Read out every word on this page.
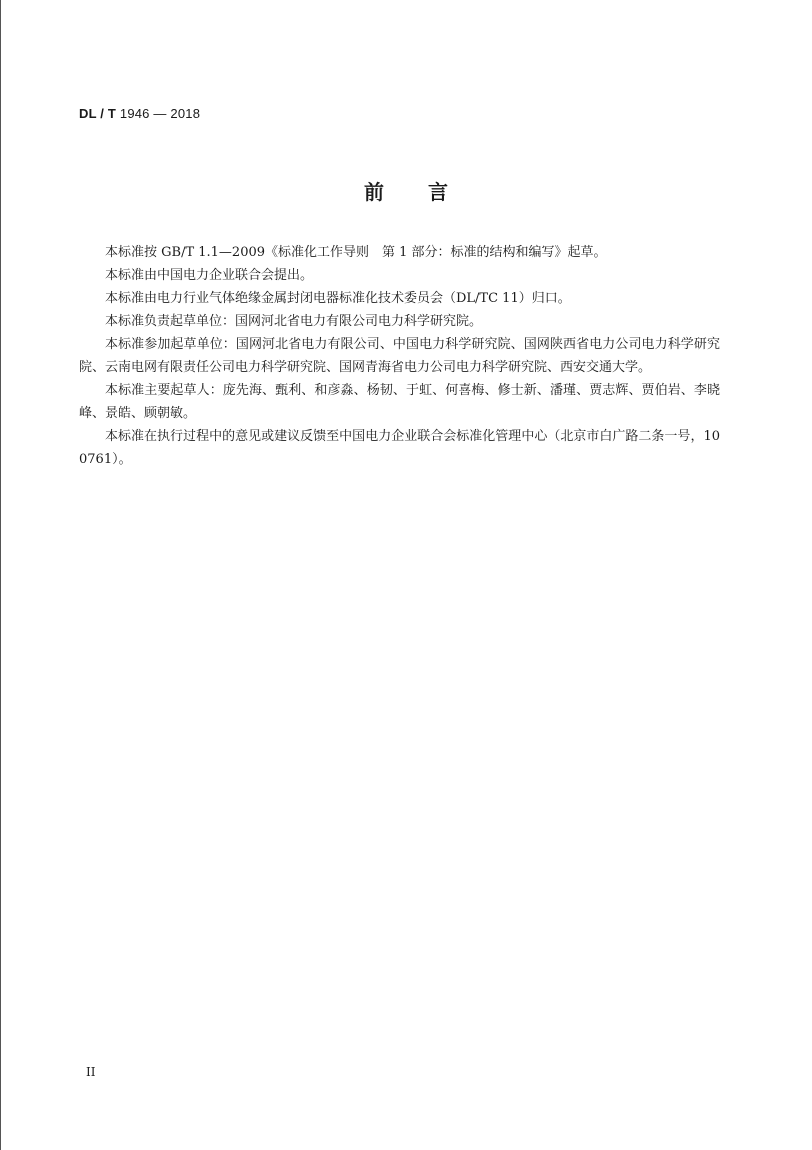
DL / T 1946 — 2018
前言

本标准按 GB/T 1.1—2009《标准化工作导则　第 1 部分：标准的结构和编写》起草。

本标准由中国电力企业联合会提出。

本标准由电力行业气体绝缘金属封闭电器标准化技术委员会（DL/TC 11）归口。

本标准负责起草单位：国网河北省电力有限公司电力科学研究院。

本标准参加起草单位：国网河北省电力有限公司、中国电力科学研究院、国网陕西省电力公司电力科学研究院、云南电网有限责任公司电力科学研究院、国网青海省电力公司电力科学研究院、西安交通大学。

本标准主要起草人：庞先海、甄利、和彦淼、杨韧、于虹、何喜梅、修士新、潘瑾、贾志辉、贾伯岩、李晓峰、景皓、顾朝敏。

本标准在执行过程中的意见或建议反馈至中国电力企业联合会标准化管理中心（北京市白广路二条一号，100761）。

II
